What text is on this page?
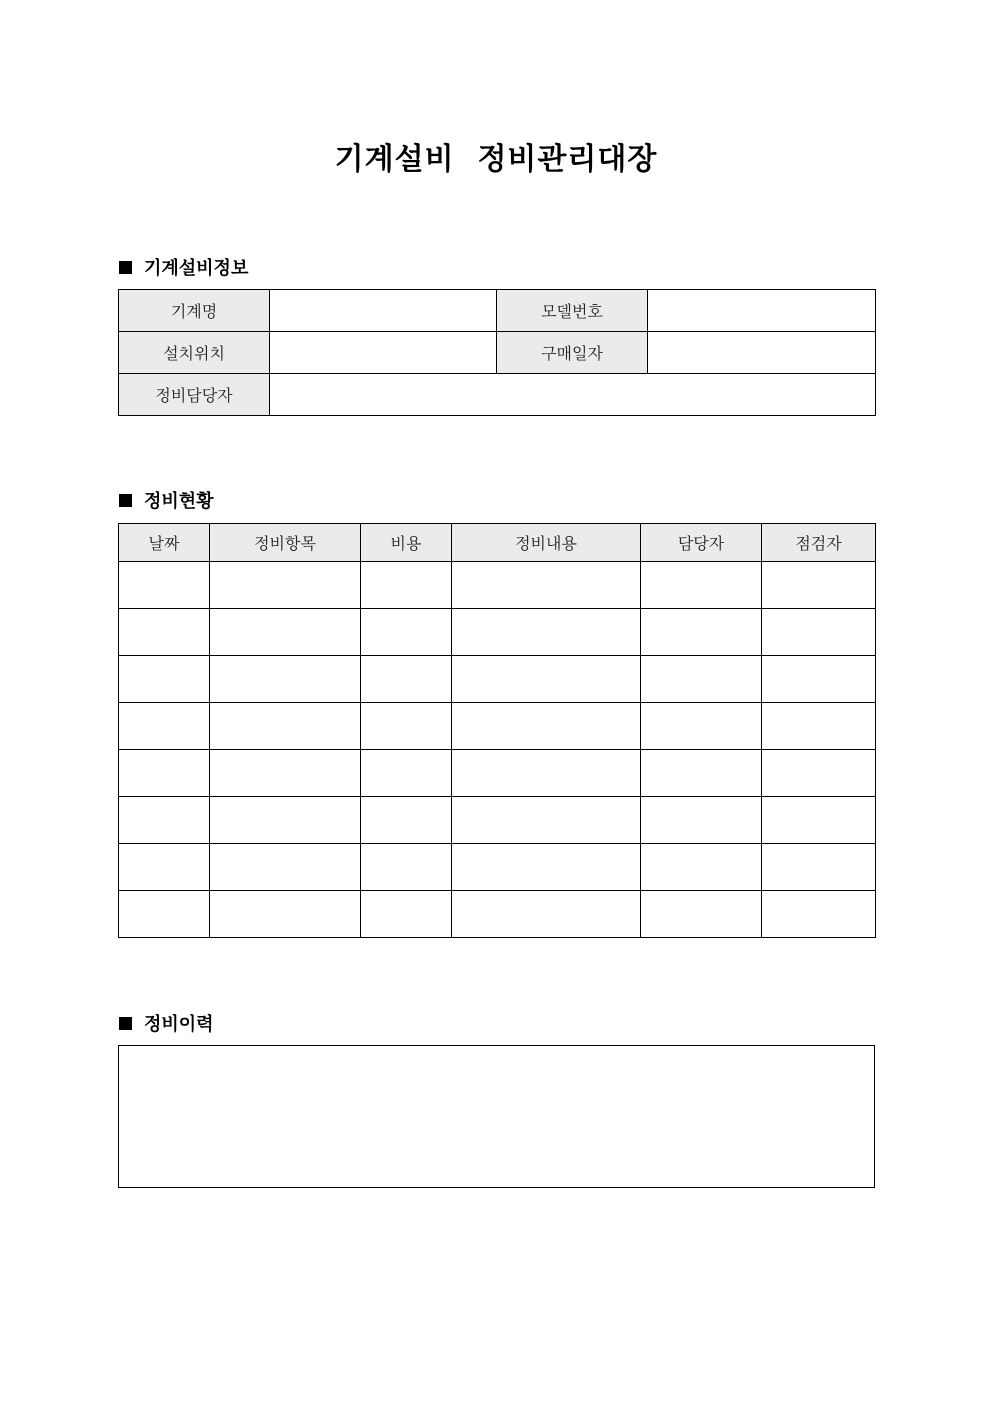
기계설비  정비관리대장
기계설비정보
기계명		모델번호	
설치위치		구매일자	
정비담당자			
정비현황
날짜	정비항목	비용	정비내용	담당자	점검자

정비이력
